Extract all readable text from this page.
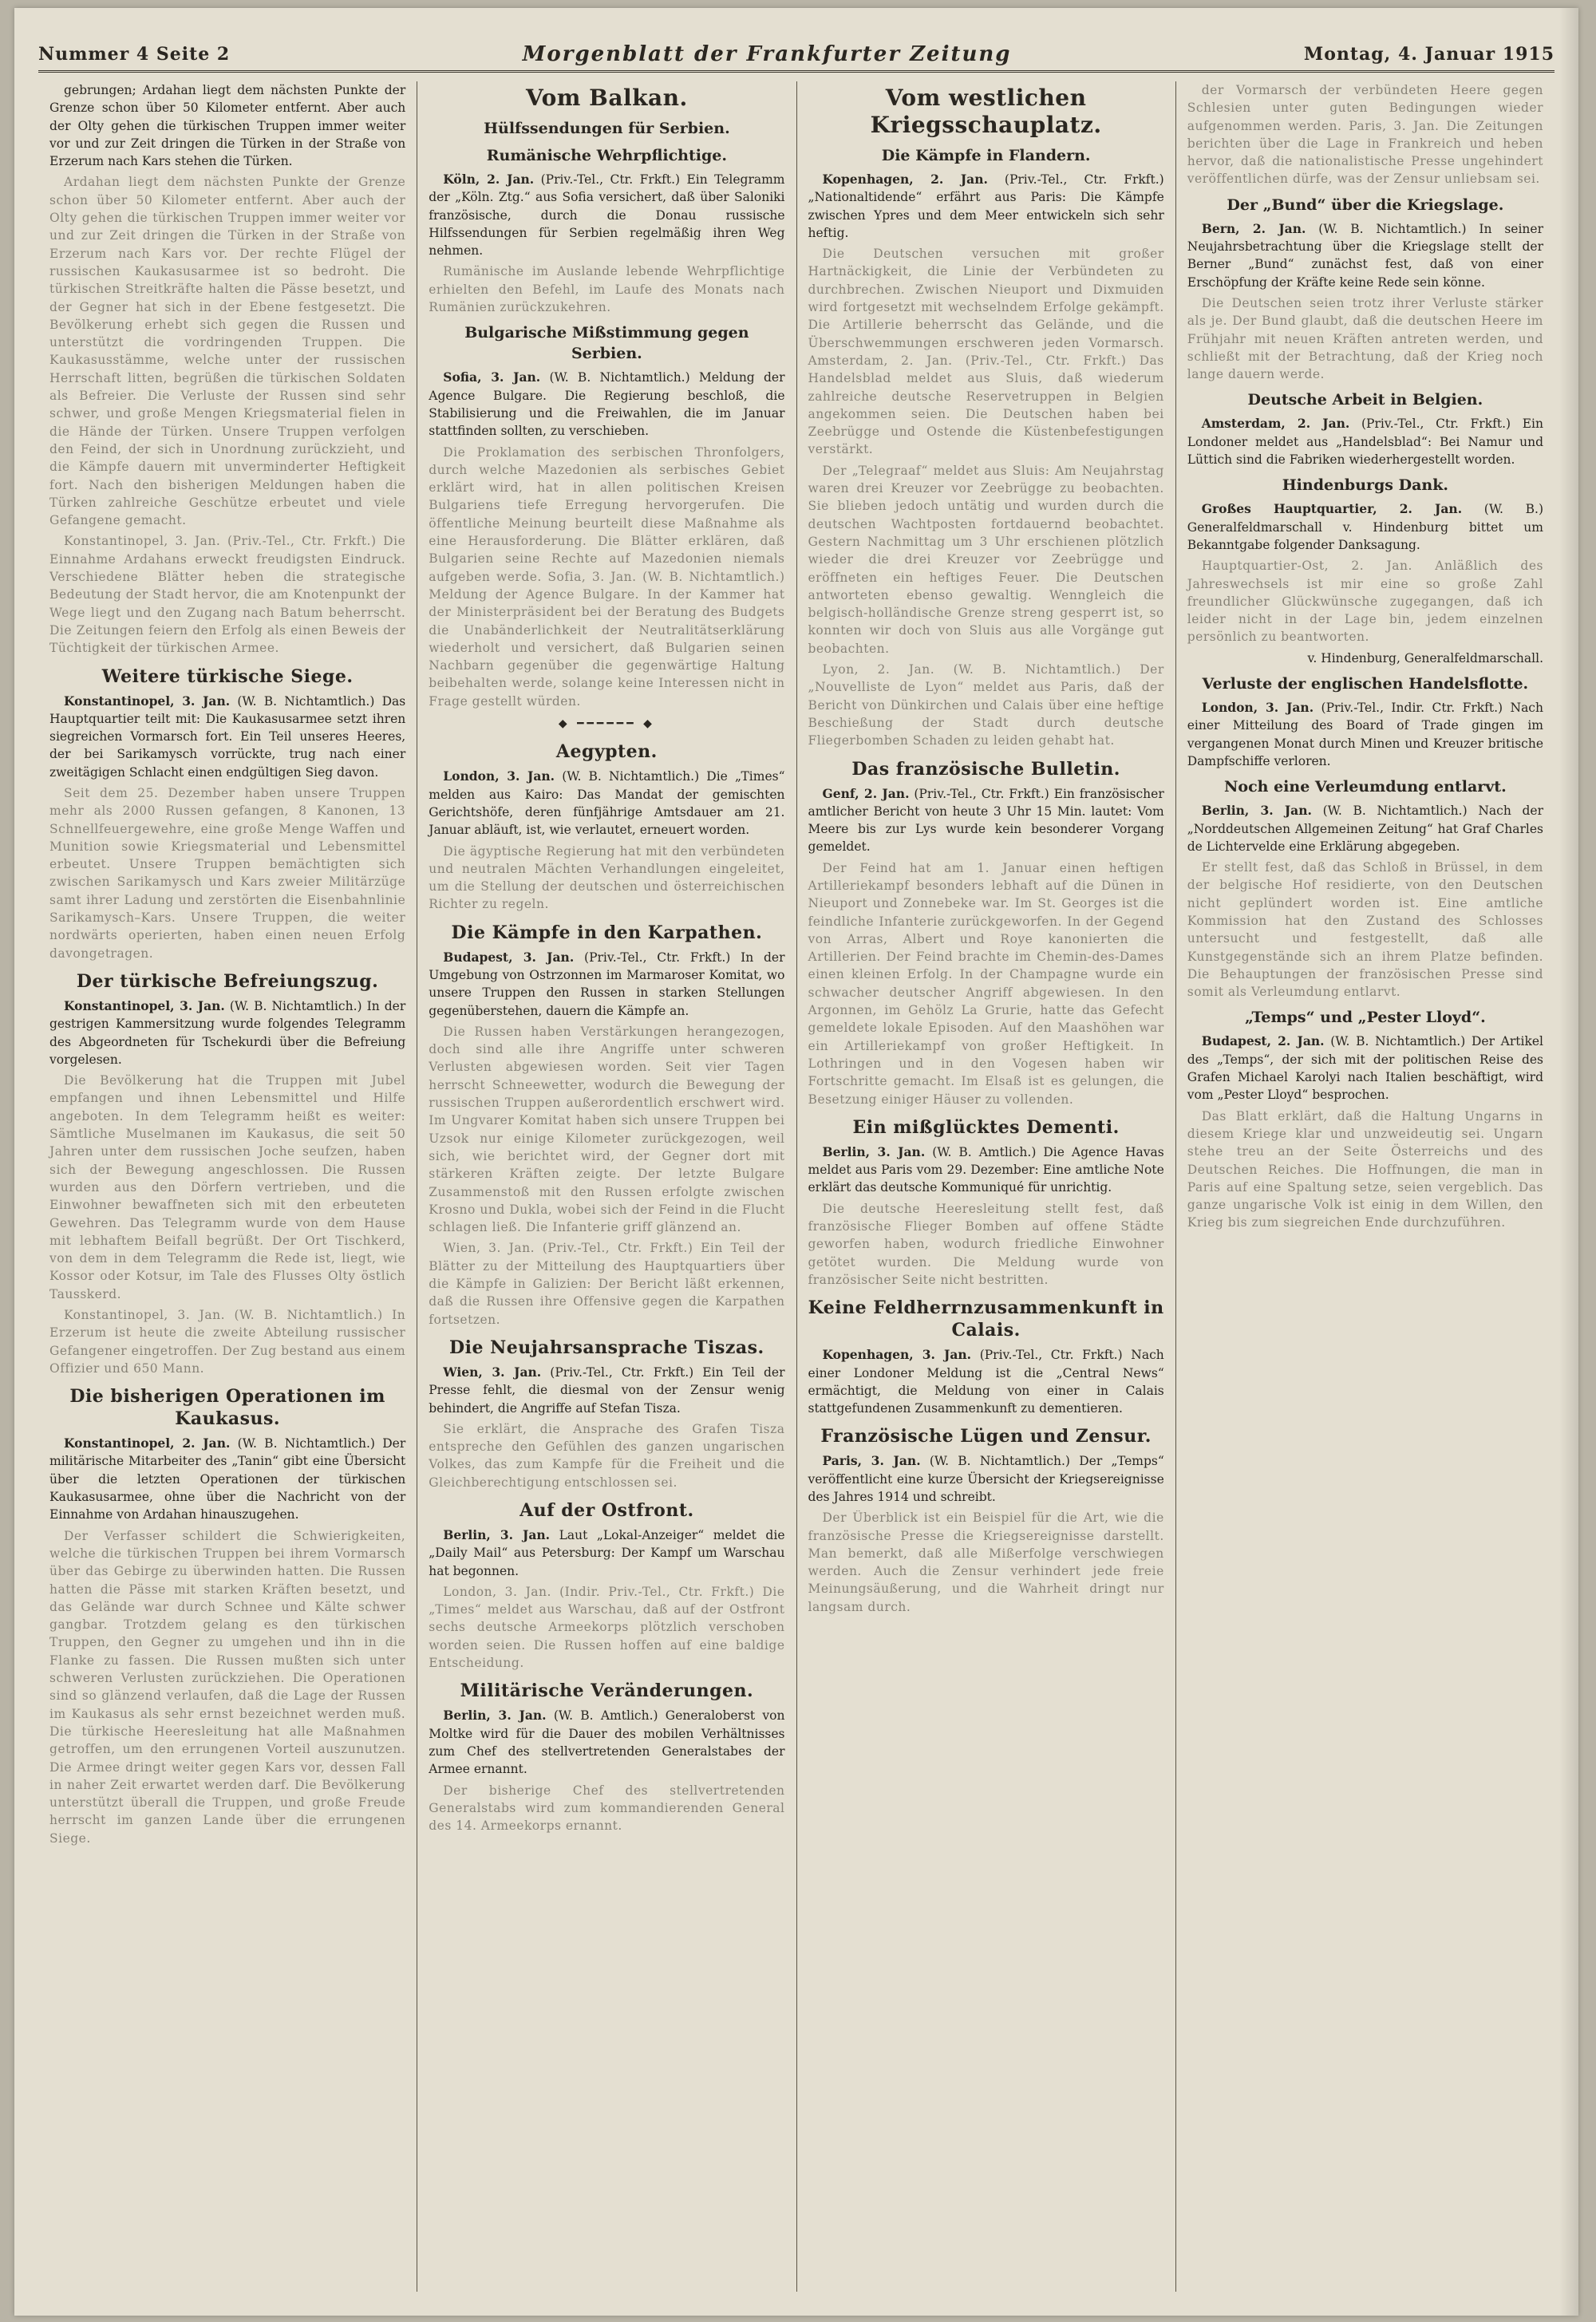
Nummer 4 Seite 2	Morgenblatt der Frankfurter Zeitung	Montag, 4. Januar 1915

gebrungen; Ardahan liegt dem nächsten Punkte der Grenze schon über 50 Kilometer entfernt. Aber auch der Olty gehen die türkischen Truppen immer weiter vor und zur Zeit dringen die Türken in der Straße von Erzerum nach Kars stehen die Türken.

Ardahan liegt dem nächsten Punkte der Grenze schon über 50 Kilometer entfernt. Aber auch der Olty gehen die türkischen Truppen immer weiter vor und zur Zeit dringen die Türken in der Straße von Erzerum nach Kars vor. Der rechte Flügel der russischen Kaukasusarmee ist so bedroht. Die türkischen Streitkräfte halten die Pässe besetzt, und der Gegner hat sich in der Ebene festgesetzt. Die Bevölkerung erhebt sich gegen die Russen und unterstützt die vordringenden Truppen. Die Kaukasusstämme, welche unter der russischen Herrschaft litten, begrüßen die türkischen Soldaten als Befreier. Die Verluste der Russen sind sehr schwer, und große Mengen Kriegsmaterial fielen in die Hände der Türken. Unsere Truppen verfolgen den Feind, der sich in Unordnung zurückzieht, und die Kämpfe dauern mit unverminderter Heftigkeit fort. Nach den bisherigen Meldungen haben die Türken zahlreiche Geschütze erbeutet und viele Gefangene gemacht.

Konstantinopel, 3. Jan. (Priv.-Tel., Ctr. Frkft.) Die Einnahme Ardahans erweckt freudigsten Eindruck. Verschiedene Blätter heben die strategische Bedeutung der Stadt hervor, die am Knotenpunkt der Wege liegt und den Zugang nach Batum beherrscht. Die Zeitungen feiern den Erfolg als einen Beweis der Tüchtigkeit der türkischen Armee.

Weitere türkische Siege.

Konstantinopel, 3. Jan. (W. B. Nichtamtlich.) Das Hauptquartier teilt mit: Die Kaukasusarmee setzt ihren siegreichen Vormarsch fort. Ein Teil unseres Heeres, der bei Sarikamysch vorrückte, trug nach einer zweitägigen Schlacht einen endgültigen Sieg davon.

Seit dem 25. Dezember haben unsere Truppen mehr als 2000 Russen gefangen, 8 Kanonen, 13 Schnellfeuergewehre, eine große Menge Waffen und Munition sowie Kriegsmaterial und Lebensmittel erbeutet. Unsere Truppen bemächtigten sich zwischen Sarikamysch und Kars zweier Militärzüge samt ihrer Ladung und zerstörten die Eisenbahnlinie Sarikamysch–Kars. Unsere Truppen, die weiter nordwärts operierten, haben einen neuen Erfolg davongetragen.

Der türkische Befreiungszug.

Konstantinopel, 3. Jan. (W. B. Nichtamtlich.) In der gestrigen Kammersitzung wurde folgendes Telegramm des Abgeordneten für Tschekurdi über die Befreiung vorgelesen.

Die Bevölkerung hat die Truppen mit Jubel empfangen und ihnen Lebensmittel und Hilfe angeboten. In dem Telegramm heißt es weiter: Sämtliche Muselmanen im Kaukasus, die seit 50 Jahren unter dem russischen Joche seufzen, haben sich der Bewegung angeschlossen. Die Russen wurden aus den Dörfern vertrieben, und die Einwohner bewaffneten sich mit den erbeuteten Gewehren. Das Telegramm wurde von dem Hause mit lebhaftem Beifall begrüßt. Der Ort Tischkerd, von dem in dem Telegramm die Rede ist, liegt, wie Kossor oder Kotsur, im Tale des Flusses Olty östlich Tausskerd.

Konstantinopel, 3. Jan. (W. B. Nichtamtlich.) In Erzerum ist heute die zweite Abteilung russischer Gefangener eingetroffen. Der Zug bestand aus einem Offizier und 650 Mann.

Die bisherigen Operationen im Kaukasus.

Konstantinopel, 2. Jan. (W. B. Nichtamtlich.) Der militärische Mitarbeiter des „Tanin“ gibt eine Übersicht über die letzten Operationen der türkischen Kaukasusarmee, ohne über die Nachricht von der Einnahme von Ardahan hinauszugehen.

Der Verfasser schildert die Schwierigkeiten, welche die türkischen Truppen bei ihrem Vormarsch über das Gebirge zu überwinden hatten. Die Russen hatten die Pässe mit starken Kräften besetzt, und das Gelände war durch Schnee und Kälte schwer gangbar. Trotzdem gelang es den türkischen Truppen, den Gegner zu umgehen und ihn in die Flanke zu fassen. Die Russen mußten sich unter schweren Verlusten zurückziehen. Die Operationen sind so glänzend verlaufen, daß die Lage der Russen im Kaukasus als sehr ernst bezeichnet werden muß. Die türkische Heeresleitung hat alle Maßnahmen getroffen, um den errungenen Vorteil auszunutzen. Die Armee dringt weiter gegen Kars vor, dessen Fall in naher Zeit erwartet werden darf. Die Bevölkerung unterstützt überall die Truppen, und große Freude herrscht im ganzen Lande über die errungenen Siege.

Vom Balkan.
Hülfssendungen für Serbien.
Rumänische Wehrpflichtige.

Köln, 2. Jan. (Priv.-Tel., Ctr. Frkft.) Ein Telegramm der „Köln. Ztg.“ aus Sofia versichert, daß über Saloniki französische, durch die Donau russische Hilfssendungen für Serbien regelmäßig ihren Weg nehmen.

Rumänische im Auslande lebende Wehrpflichtige erhielten den Befehl, im Laufe des Monats nach Rumänien zurückzukehren.

Bulgarische Mißstimmung gegen Serbien.

Sofia, 3. Jan. (W. B. Nichtamtlich.) Meldung der Agence Bulgare. Die Regierung beschloß, die Stabilisierung und die Freiwahlen, die im Januar stattfinden sollten, zu verschieben.

Die Proklamation des serbischen Thronfolgers, durch welche Mazedonien als serbisches Gebiet erklärt wird, hat in allen politischen Kreisen Bulgariens tiefe Erregung hervorgerufen. Die öffentliche Meinung beurteilt diese Maßnahme als eine Herausforderung. Die Blätter erklären, daß Bulgarien seine Rechte auf Mazedonien niemals aufgeben werde. Sofia, 3. Jan. (W. B. Nichtamtlich.) Meldung der Agence Bulgare. In der Kammer hat der Ministerpräsident bei der Beratung des Budgets die Unabänderlichkeit der Neutralitätserklärung wiederholt und versichert, daß Bulgarien seinen Nachbarn gegenüber die gegenwärtige Haltung beibehalten werde, solange keine Interessen nicht in Frage gestellt würden.

◆ ━━━━━━ ◆
Aegypten.

London, 3. Jan. (W. B. Nichtamtlich.) Die „Times“ melden aus Kairo: Das Mandat der gemischten Gerichtshöfe, deren fünfjährige Amtsdauer am 21. Januar abläuft, ist, wie verlautet, erneuert worden.

Die ägyptische Regierung hat mit den verbündeten und neutralen Mächten Verhandlungen eingeleitet, um die Stellung der deutschen und österreichischen Richter zu regeln.

Die Kämpfe in den Karpathen.

Budapest, 3. Jan. (Priv.-Tel., Ctr. Frkft.) In der Umgebung von Ostrzonnen im Marmaroser Komitat, wo unsere Truppen den Russen in starken Stellungen gegenüberstehen, dauern die Kämpfe an.

Die Russen haben Verstärkungen herangezogen, doch sind alle ihre Angriffe unter schweren Verlusten abgewiesen worden. Seit vier Tagen herrscht Schneewetter, wodurch die Bewegung der russischen Truppen außerordentlich erschwert wird. Im Ungvarer Komitat haben sich unsere Truppen bei Uzsok nur einige Kilometer zurückgezogen, weil sich, wie berichtet wird, der Gegner dort mit stärkeren Kräften zeigte. Der letzte Bulgare Zusammenstoß mit den Russen erfolgte zwischen Krosno und Dukla, wobei sich der Feind in die Flucht schlagen ließ. Die Infanterie griff glänzend an.

Wien, 3. Jan. (Priv.-Tel., Ctr. Frkft.) Ein Teil der Blätter zu der Mitteilung des Hauptquartiers über die Kämpfe in Galizien: Der Bericht läßt erkennen, daß die Russen ihre Offensive gegen die Karpathen fortsetzen.

Die Neujahrsansprache Tiszas.

Wien, 3. Jan. (Priv.-Tel., Ctr. Frkft.) Ein Teil der Presse fehlt, die diesmal von der Zensur wenig behindert, die Angriffe auf Stefan Tisza.

Sie erklärt, die Ansprache des Grafen Tisza entspreche den Gefühlen des ganzen ungarischen Volkes, das zum Kampfe für die Freiheit und die Gleichberechtigung entschlossen sei.

Auf der Ostfront.

Berlin, 3. Jan. Laut „Lokal-Anzeiger“ meldet die „Daily Mail“ aus Petersburg: Der Kampf um Warschau hat begonnen.

London, 3. Jan. (Indir. Priv.-Tel., Ctr. Frkft.) Die „Times“ meldet aus Warschau, daß auf der Ostfront sechs deutsche Armeekorps plötzlich verschoben worden seien. Die Russen hoffen auf eine baldige Entscheidung.

Militärische Veränderungen.

Berlin, 3. Jan. (W. B. Amtlich.) Generaloberst von Moltke wird für die Dauer des mobilen Verhältnisses zum Chef des stellvertretenden Generalstabes der Armee ernannt.

Der bisherige Chef des stellvertretenden Generalstabs wird zum kommandierenden General des 14. Armeekorps ernannt.

Vom westlichen Kriegsschauplatz.
Die Kämpfe in Flandern.

Kopenhagen, 2. Jan. (Priv.-Tel., Ctr. Frkft.) „Nationaltidende“ erfährt aus Paris: Die Kämpfe zwischen Ypres und dem Meer entwickeln sich sehr heftig.

Die Deutschen versuchen mit großer Hartnäckigkeit, die Linie der Verbündeten zu durchbrechen. Zwischen Nieuport und Dixmuiden wird fortgesetzt mit wechselndem Erfolge gekämpft. Die Artillerie beherrscht das Gelände, und die Überschwemmungen erschweren jeden Vormarsch. Amsterdam, 2. Jan. (Priv.-Tel., Ctr. Frkft.) Das Handelsblad meldet aus Sluis, daß wiederum zahlreiche deutsche Reservetruppen in Belgien angekommen seien. Die Deutschen haben bei Zeebrügge und Ostende die Küstenbefestigungen verstärkt.

Der „Telegraaf“ meldet aus Sluis: Am Neujahrstag waren drei Kreuzer vor Zeebrügge zu beobachten. Sie blieben jedoch untätig und wurden durch die deutschen Wachtposten fortdauernd beobachtet. Gestern Nachmittag um 3 Uhr erschienen plötzlich wieder die drei Kreuzer vor Zeebrügge und eröffneten ein heftiges Feuer. Die Deutschen antworteten ebenso gewaltig. Wenngleich die belgisch-holländische Grenze streng gesperrt ist, so konnten wir doch von Sluis aus alle Vorgänge gut beobachten.

Lyon, 2. Jan. (W. B. Nichtamtlich.) Der „Nouvelliste de Lyon“ meldet aus Paris, daß der Bericht von Dünkirchen und Calais über eine heftige Beschießung der Stadt durch deutsche Fliegerbomben Schaden zu leiden gehabt hat.

Das französische Bulletin.

Genf, 2. Jan. (Priv.-Tel., Ctr. Frkft.) Ein französischer amtlicher Bericht von heute 3 Uhr 15 Min. lautet: Vom Meere bis zur Lys wurde kein besonderer Vorgang gemeldet.

Der Feind hat am 1. Januar einen heftigen Artilleriekampf besonders lebhaft auf die Dünen in Nieuport und Zonnebeke war. Im St. Georges ist die feindliche Infanterie zurückgeworfen. In der Gegend von Arras, Albert und Roye kanonierten die Artillerien. Der Feind brachte im Chemin-des-Dames einen kleinen Erfolg. In der Champagne wurde ein schwacher deutscher Angriff abgewiesen. In den Argonnen, im Gehölz La Grurie, hatte das Gefecht gemeldete lokale Episoden. Auf den Maashöhen war ein Artilleriekampf von großer Heftigkeit. In Lothringen und in den Vogesen haben wir Fortschritte gemacht. Im Elsaß ist es gelungen, die Besetzung einiger Häuser zu vollenden.

Ein mißglücktes Dementi.

Berlin, 3. Jan. (W. B. Amtlich.) Die Agence Havas meldet aus Paris vom 29. Dezember: Eine amtliche Note erklärt das deutsche Kommuniqué für unrichtig.

Die deutsche Heeresleitung stellt fest, daß französische Flieger Bomben auf offene Städte geworfen haben, wodurch friedliche Einwohner getötet wurden. Die Meldung wurde von französischer Seite nicht bestritten.

Keine Feldherrnzusammenkunft in Calais.

Kopenhagen, 3. Jan. (Priv.-Tel., Ctr. Frkft.) Nach einer Londoner Meldung ist die „Central News“ ermächtigt, die Meldung von einer in Calais stattgefundenen Zusammenkunft zu dementieren.

Französische Lügen und Zensur.

Paris, 3. Jan. (W. B. Nichtamtlich.) Der „Temps“ veröffentlicht eine kurze Übersicht der Kriegsereignisse des Jahres 1914 und schreibt.

Der Überblick ist ein Beispiel für die Art, wie die französische Presse die Kriegsereignisse darstellt. Man bemerkt, daß alle Mißerfolge verschwiegen werden. Auch die Zensur verhindert jede freie Meinungsäußerung, und die Wahrheit dringt nur langsam durch.

der Vormarsch der verbündeten Heere gegen Schlesien unter guten Bedingungen wieder aufgenommen werden. Paris, 3. Jan. Die Zeitungen berichten über die Lage in Frankreich und heben hervor, daß die nationalistische Presse ungehindert veröffentlichen dürfe, was der Zensur unliebsam sei.

Der „Bund“ über die Kriegslage.

Bern, 2. Jan. (W. B. Nichtamtlich.) In seiner Neujahrsbetrachtung über die Kriegslage stellt der Berner „Bund“ zunächst fest, daß von einer Erschöpfung der Kräfte keine Rede sein könne.

Die Deutschen seien trotz ihrer Verluste stärker als je. Der Bund glaubt, daß die deutschen Heere im Frühjahr mit neuen Kräften antreten werden, und schließt mit der Betrachtung, daß der Krieg noch lange dauern werde.

Deutsche Arbeit in Belgien.

Amsterdam, 2. Jan. (Priv.-Tel., Ctr. Frkft.) Ein Londoner meldet aus „Handelsblad“: Bei Namur und Lüttich sind die Fabriken wiederhergestellt worden.

Hindenburgs Dank.

Großes Hauptquartier, 2. Jan. (W. B.) Generalfeldmarschall v. Hindenburg bittet um Bekanntgabe folgender Danksagung.

Hauptquartier-Ost, 2. Jan. Anläßlich des Jahreswechsels ist mir eine so große Zahl freundlicher Glückwünsche zugegangen, daß ich leider nicht in der Lage bin, jedem einzelnen persönlich zu beantworten.

v. Hindenburg, Generalfeldmarschall.

Verluste der englischen Handelsflotte.

London, 3. Jan. (Priv.-Tel., Indir. Ctr. Frkft.) Nach einer Mitteilung des Board of Trade gingen im vergangenen Monat durch Minen und Kreuzer britische Dampfschiffe verloren.

Noch eine Verleumdung entlarvt.

Berlin, 3. Jan. (W. B. Nichtamtlich.) Nach der „Norddeutschen Allgemeinen Zeitung“ hat Graf Charles de Lichtervelde eine Erklärung abgegeben.

Er stellt fest, daß das Schloß in Brüssel, in dem der belgische Hof residierte, von den Deutschen nicht geplündert worden ist. Eine amtliche Kommission hat den Zustand des Schlosses untersucht und festgestellt, daß alle Kunstgegenstände sich an ihrem Platze befinden. Die Behauptungen der französischen Presse sind somit als Verleumdung entlarvt.

„Temps“ und „Pester Lloyd“.

Budapest, 2. Jan. (W. B. Nichtamtlich.) Der Artikel des „Temps“, der sich mit der politischen Reise des Grafen Michael Karolyi nach Italien beschäftigt, wird vom „Pester Lloyd“ besprochen.

Das Blatt erklärt, daß die Haltung Ungarns in diesem Kriege klar und unzweideutig sei. Ungarn stehe treu an der Seite Österreichs und des Deutschen Reiches. Die Hoffnungen, die man in Paris auf eine Spaltung setze, seien vergeblich. Das ganze ungarische Volk ist einig in dem Willen, den Krieg bis zum siegreichen Ende durchzuführen.
